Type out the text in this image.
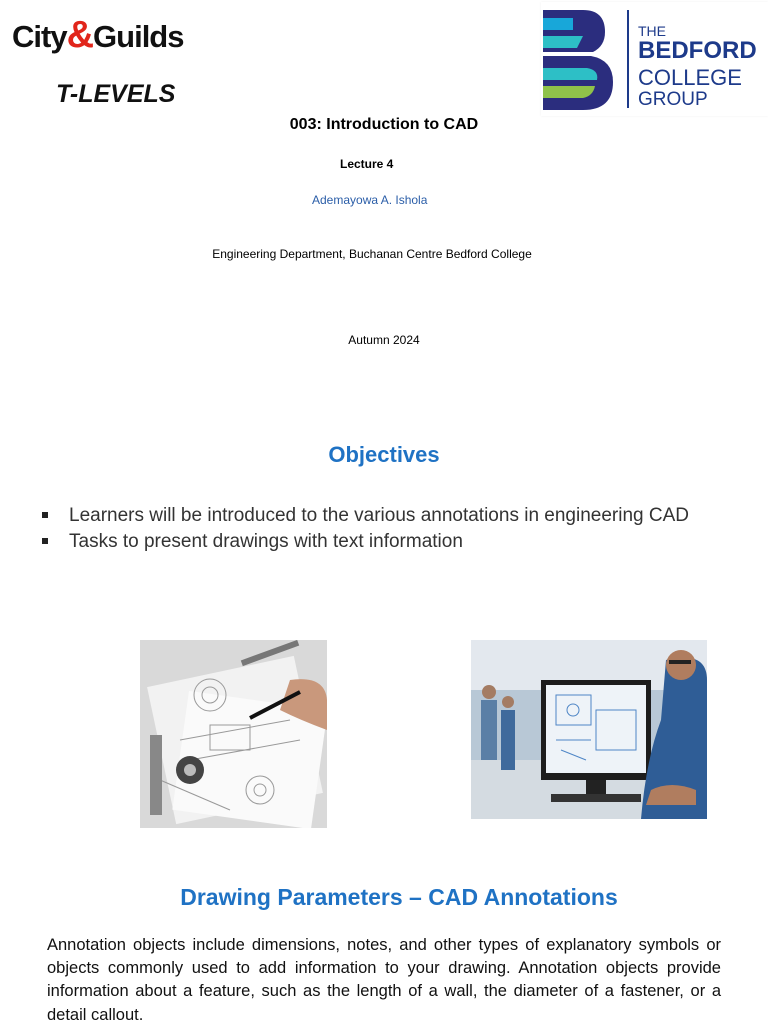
City&Guilds
T-LEVELS
THE
BEDFORD
COLLEGE
GROUP
003: Introduction to CAD
Lecture 4
Ademayowa A. Ishola
Engineering Department, Buchanan Centre Bedford College
Autumn 2024
Objectives
Learners will be introduced to the various annotations in engineering CAD
Tasks to present drawings with text information
Drawing Parameters – CAD Annotations

Annotation objects include dimensions, notes, and other types of explanatory symbols or objects commonly used to add information to your drawing. Annotation objects provide information about a feature, such as the length of a wall, the diameter of a fastener, or a detail callout.
